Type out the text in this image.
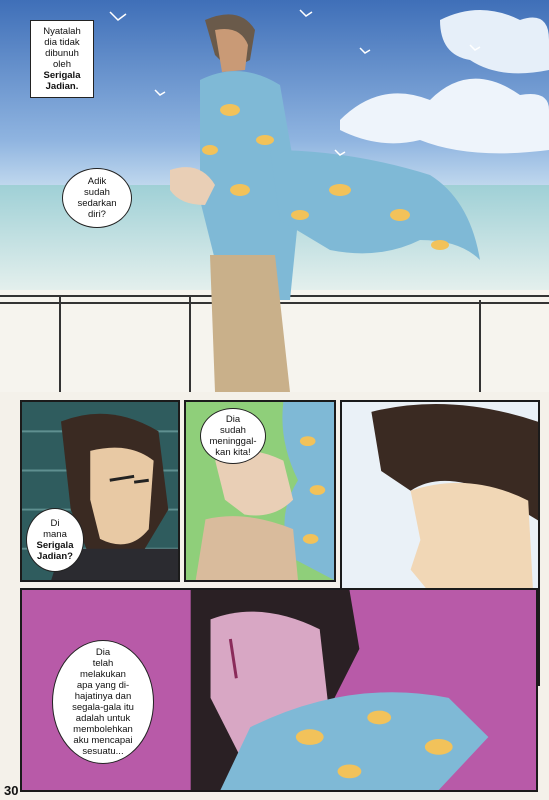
Nyatalah
dia tidak
dibunuh
oleh
Serigala
Jadian.
Adik
sudah
sedarkan
diri?
Di
mana
Serigala
Jadian?
Dia
sudah
meninggal-
kan kita!
Dia
telah
melakukan
apa yang di-
hajatinya dan
segala-gala itu
adalah untuk
membolehkan
aku mencapai
sesuatu...
30
